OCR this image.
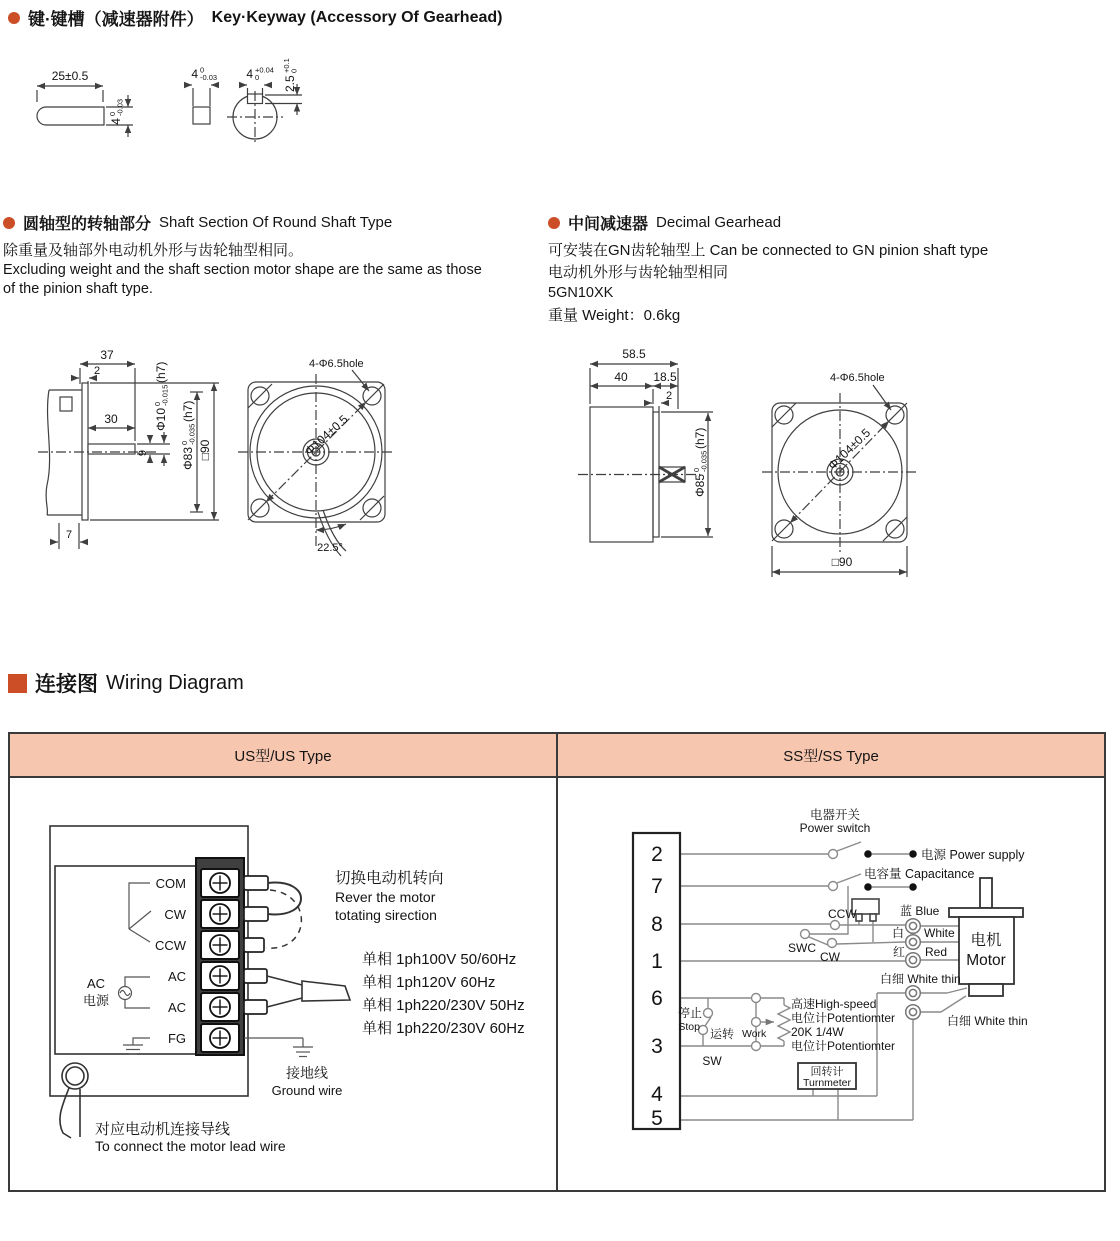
键·键槽（减速器附件） Key·Keyway (Accessory Of Gearhead)
25±0.5
4
0
-0.03
4 0
-0.03 4 +0.04
0 2.5
+0.1
0
圆轴型的转轴部分 Shaft Section Of Round Shaft Type
除重量及轴部外电动机外形与齿轮轴型相同。
Excluding weight and the shaft section motor shape are the same as those
of the pinion shaft type.
37
2
30
9
7
Φ10
0
-0.015
(h7)
Φ83
0
-0.035
(h7)
□90
4-Φ6.5hole
Φ104±0.5
22.5°
中间减速器 Decimal Gearhead
可安装在GN齿轮轴型上 Can be connected to GN pinion shaft type
电动机外形与齿轮轴型相同
5GN10XK
重量 Weight：0.6kg
58.5
40 18.5
2
Φ85
0
-0.035
(h7)
4-Φ6.5hole
Φ104±0.5
□90
连接图 Wiring Diagram
US型/US Type	SS型/SS Type
COM
CW
CCW
AC
AC
FG
AC
电源
切换电动机转向
Rever the motor
totating sirection
单相 1ph100V 50/60Hz
单相 1ph120V 60Hz
单相 1ph220/230V 50Hz
单相 1ph220/230V 60Hz
接地线
Ground wire
对应电动机连接导线
To connect the motor lead wire
2
7
8
1
6
3
4
5
回转计
Turnmeter
电机
Motor
电器开关
Power switch
电源 Power supply
电容量 Capacitance
CCW
SWC
CW
蓝 Blue
白 White
红 Red
白细 White thin
白细 White thin
停止
Stop 运转 Work
SW
高速High-speed
电位计Potentiomter
20K 1/4W
电位计Potentiomter
